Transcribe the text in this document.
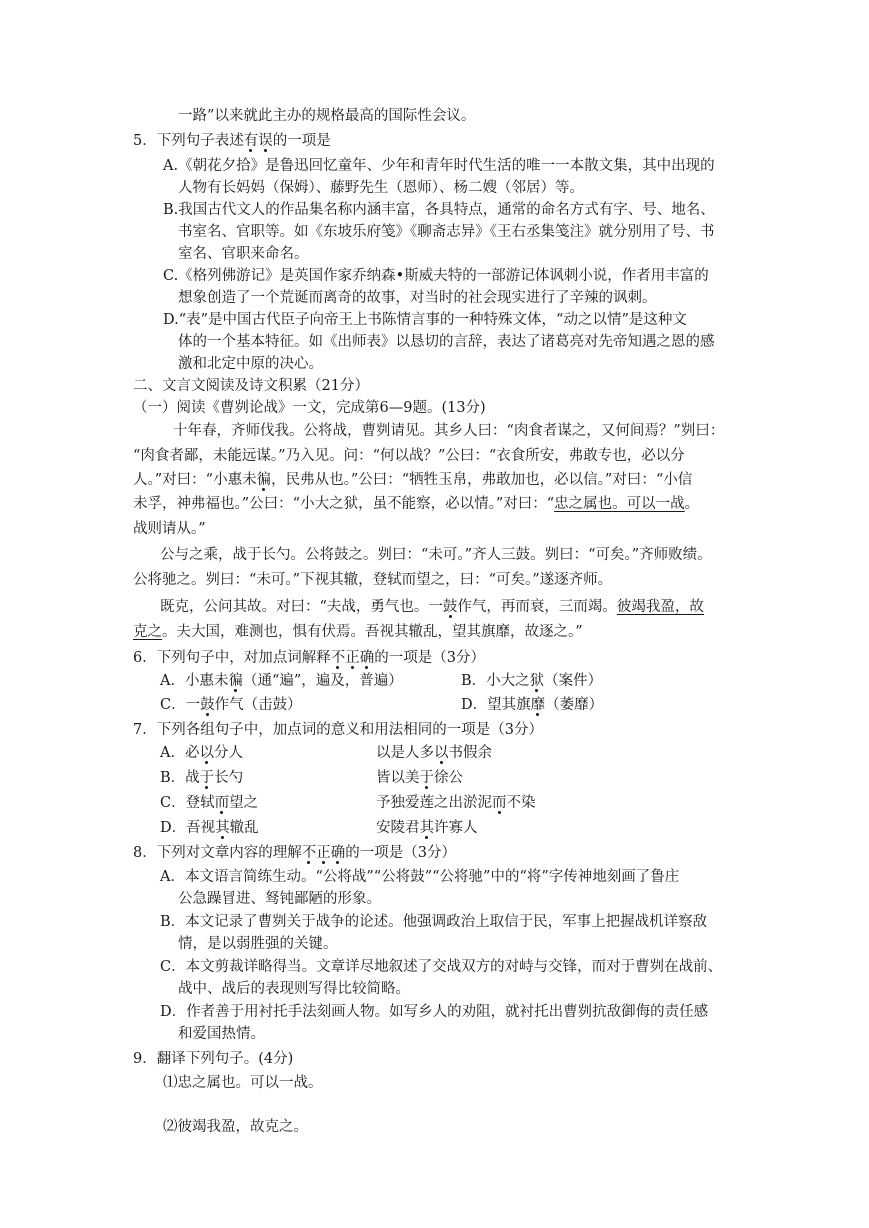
一路”以来就此主办的规格最高的国际性会议。
5．下列句子表述有误的一项是
A.《朝花夕拾》是鲁迅回忆童年、少年和青年时代生活的唯一一本散文集，其中出现的
人物有长妈妈（保姆）、藤野先生（恩师）、杨二嫂（邻居）等。
B.我国古代文人的作品集名称内涵丰富，各具特点，通常的命名方式有字、号、地名、
书室名、官职等。如《东坡乐府笺》《聊斋志异》《王右丞集笺注》就分别用了号、书
室名、官职来命名。
C.《格列佛游记》是英国作家乔纳森•斯威夫特的一部游记体讽刺小说，作者用丰富的
想象创造了一个荒诞而离奇的故事，对当时的社会现实进行了辛辣的讽刺。
D.“表”是中国古代臣子向帝王上书陈情言事的一种特殊文体，“动之以情”是这种文
体的一个基本特征。如《出师表》以恳切的言辞，表达了诸葛亮对先帝知遇之恩的感
激和北定中原的决心。
二、文言文阅读及诗文积累（21分）
（一）阅读《曹刿论战》一文，完成第6—9题。(13分)
十年春，齐师伐我。公将战，曹刿请见。其乡人曰：“肉食者谋之，又何间焉？”刿曰：
“肉食者鄙，未能远谋。”乃入见。问：“何以战？”公曰：“衣食所安，弗敢专也，必以分
人。”对曰：“小惠未徧，民弗从也。”公曰：“牺牲玉帛，弗敢加也，必以信。”对曰：“小信
未孚，神弗福也。”公曰：“小大之狱，虽不能察，必以情。”对曰：“忠之属也。可以一战。
战则请从。”
公与之乘，战于长勺。公将鼓之。刿曰：“未可。”齐人三鼓。刿曰：“可矣。”齐师败绩。
公将驰之。刿曰：“未可。”下视其辙，登轼而望之，曰：“可矣。”遂逐齐师。
既克，公问其故。对曰：“夫战，勇气也。一鼓作气，再而衰，三而竭。彼竭我盈，故
克之。夫大国，难测也，惧有伏焉。吾视其辙乱，望其旗靡，故逐之。”
6．下列句子中，对加点词解释不正确的一项是（3分）
A．小惠未徧（通“遍”，遍及，普遍）	B．小大之狱（案件）
C．一鼓作气（击鼓）	D．望其旗靡（萎靡）
7．下列各组句子中，加点词的意义和用法相同的一项是（3分）
A．必以分人	以是人多以书假余
B．战于长勺	皆以美于徐公
C．登轼而望之	予独爱莲之出淤泥而不染
D．吾视其辙乱	安陵君其许寡人
8．下列对文章内容的理解不正确的一项是（3分）
A．本文语言简练生动。“公将战”“公将鼓”“公将驰”中的“将”字传神地刻画了鲁庄
公急躁冒进、驽钝鄙陋的形象。
B．本文记录了曹刿关于战争的论述。他强调政治上取信于民，军事上把握战机详察敌
情，是以弱胜强的关键。
C．本文剪裁详略得当。文章详尽地叙述了交战双方的对峙与交锋，而对于曹刿在战前、
战中、战后的表现则写得比较简略。
D．作者善于用衬托手法刻画人物。如写乡人的劝阻，就衬托出曹刿抗敌御侮的责任感
和爱国热情。
9．翻译下列句子。(4分)
⑴忠之属也。可以一战。
⑵彼竭我盈，故克之。
